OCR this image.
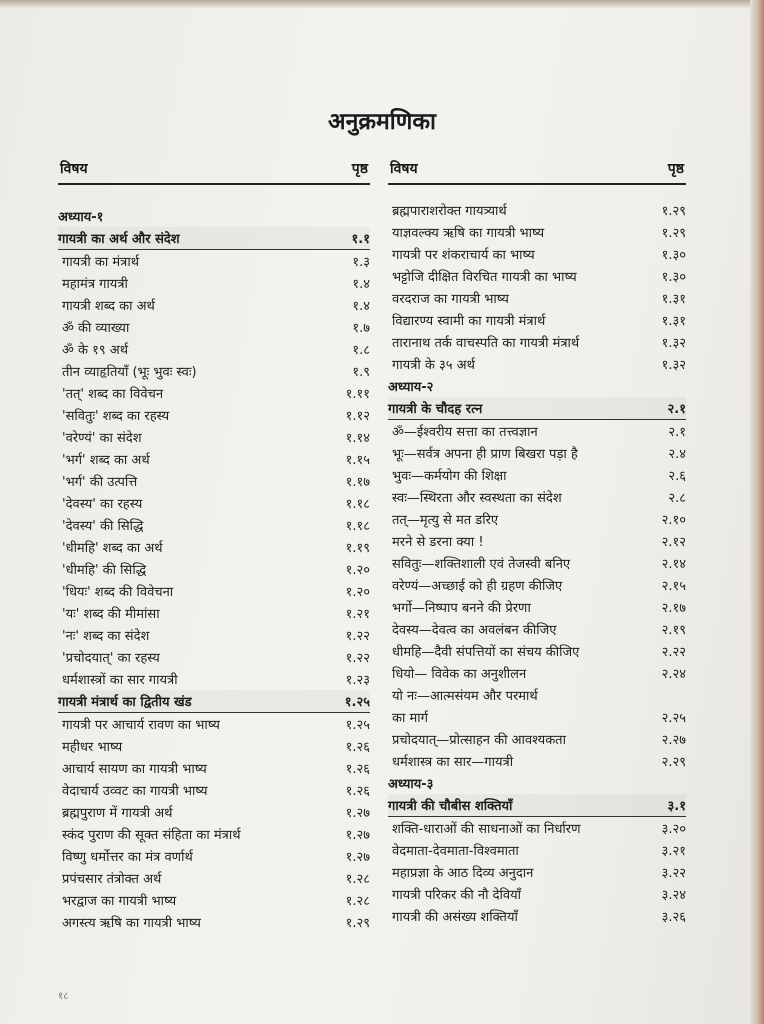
अनुक्रमणिका
विषय	पृष्ठ
अध्याय-१
गायत्री का अर्थ और संदेश	१.१
गायत्री का मंत्रार्थ	१.३
महामंत्र गायत्री	१.४
गायत्री शब्द का अर्थ	१.४
ॐ की व्याख्या	१.७
ॐ के १९ अर्थ	१.८
तीन व्याहृतियाँ (भूः भुवः स्वः)	१.९
'तत्' शब्द का विवेचन	१.११
'सवितुः' शब्द का रहस्य	१.१२
'वरेण्यं' का संदेश	१.१४
'भर्ग' शब्द का अर्थ	१.१५
'भर्ग' की उत्पत्ति	१.१७
'देवस्य' का रहस्य	१.१८
'देवस्य' की सिद्धि	१.१८
'धीमहि' शब्द का अर्थ	१.१९
'धीमहि' की सिद्धि	१.२०
'धियः' शब्द की विवेचना	१.२०
'यः' शब्द की मीमांसा	१.२१
'नः' शब्द का संदेश	१.२२
'प्रचोदयात्' का रहस्य	१.२२
धर्मशास्त्रों का सार गायत्री	१.२३
गायत्री मंत्रार्थ का द्वितीय खंड	१.२५
गायत्री पर आचार्य रावण का भाष्य	१.२५
महीधर भाष्य	१.२६
आचार्य सायण का गायत्री भाष्य	१.२६
वेदाचार्य उव्वट का गायत्री भाष्य	१.२६
ब्रह्मपुराण में गायत्री अर्थ	१.२७
स्कंद पुराण की सूक्त संहिता का मंत्रार्थ	१.२७
विष्णु धर्मोत्तर का मंत्र वर्णार्थ	१.२७
प्रपंचसार तंत्रोक्त अर्थ	१.२८
भरद्वाज का गायत्री भाष्य	१.२८
अगस्त्य ऋषि का गायत्री भाष्य	१.२९
विषय	पृष्ठ
ब्रह्मपाराशरोक्त गायत्र्यार्थ	१.२९
याज्ञवल्क्य ऋषि का गायत्री भाष्य	१.२९
गायत्री पर शंकराचार्य का भाष्य	१.३०
भट्टोजि दीक्षित विरचित गायत्री का भाष्य	१.३०
वरदराज का गायत्री भाष्य	१.३१
विद्यारण्य स्वामी का गायत्री मंत्रार्थ	१.३१
तारानाथ तर्क वाचस्पति का गायत्री मंत्रार्थ	१.३२
गायत्री के ३५ अर्थ	१.३२
अध्याय-२
गायत्री के चौदह रत्न	२.१
ॐ—ईश्वरीय सत्ता का तत्त्वज्ञान	२.१
भूः—सर्वत्र अपना ही प्राण बिखरा पड़ा है	२.४
भुवः—कर्मयोग की शिक्षा	२.६
स्वः—स्थिरता और स्वस्थता का संदेश	२.८
तत्—मृत्यु से मत डरिए	२.१०
मरने से डरना क्या !	२.१२
सवितुः—शक्तिशाली एवं तेजस्वी बनिए	२.१४
वरेण्यं—अच्छाई को ही ग्रहण कीजिए	२.१५
भर्गो—निष्पाप बनने की प्रेरणा	२.१७
देवस्य—देवत्व का अवलंबन कीजिए	२.१९
धीमहि—दैवी संपत्तियों का संचय कीजिए	२.२२
धियो— विवेक का अनुशीलन	२.२४
यो नः—आत्मसंयम और परमार्थ
का मार्ग	२.२५
प्रचोदयात्—प्रोत्साहन की आवश्यकता	२.२७
धर्मशास्त्र का सार—गायत्री	२.२९
अध्याय-३
गायत्री की चौबीस शक्तियाँ	३.१
शक्ति-धाराओं की साधनाओं का निर्धारण	३.२०
वेदमाता-देवमाता-विश्वमाता	३.२१
महाप्रज्ञा के आठ दिव्य अनुदान	३.२२
गायत्री परिकर की नौ देवियाँ	३.२४
गायत्री की असंख्य शक्तियाँ	३.२६
१८
